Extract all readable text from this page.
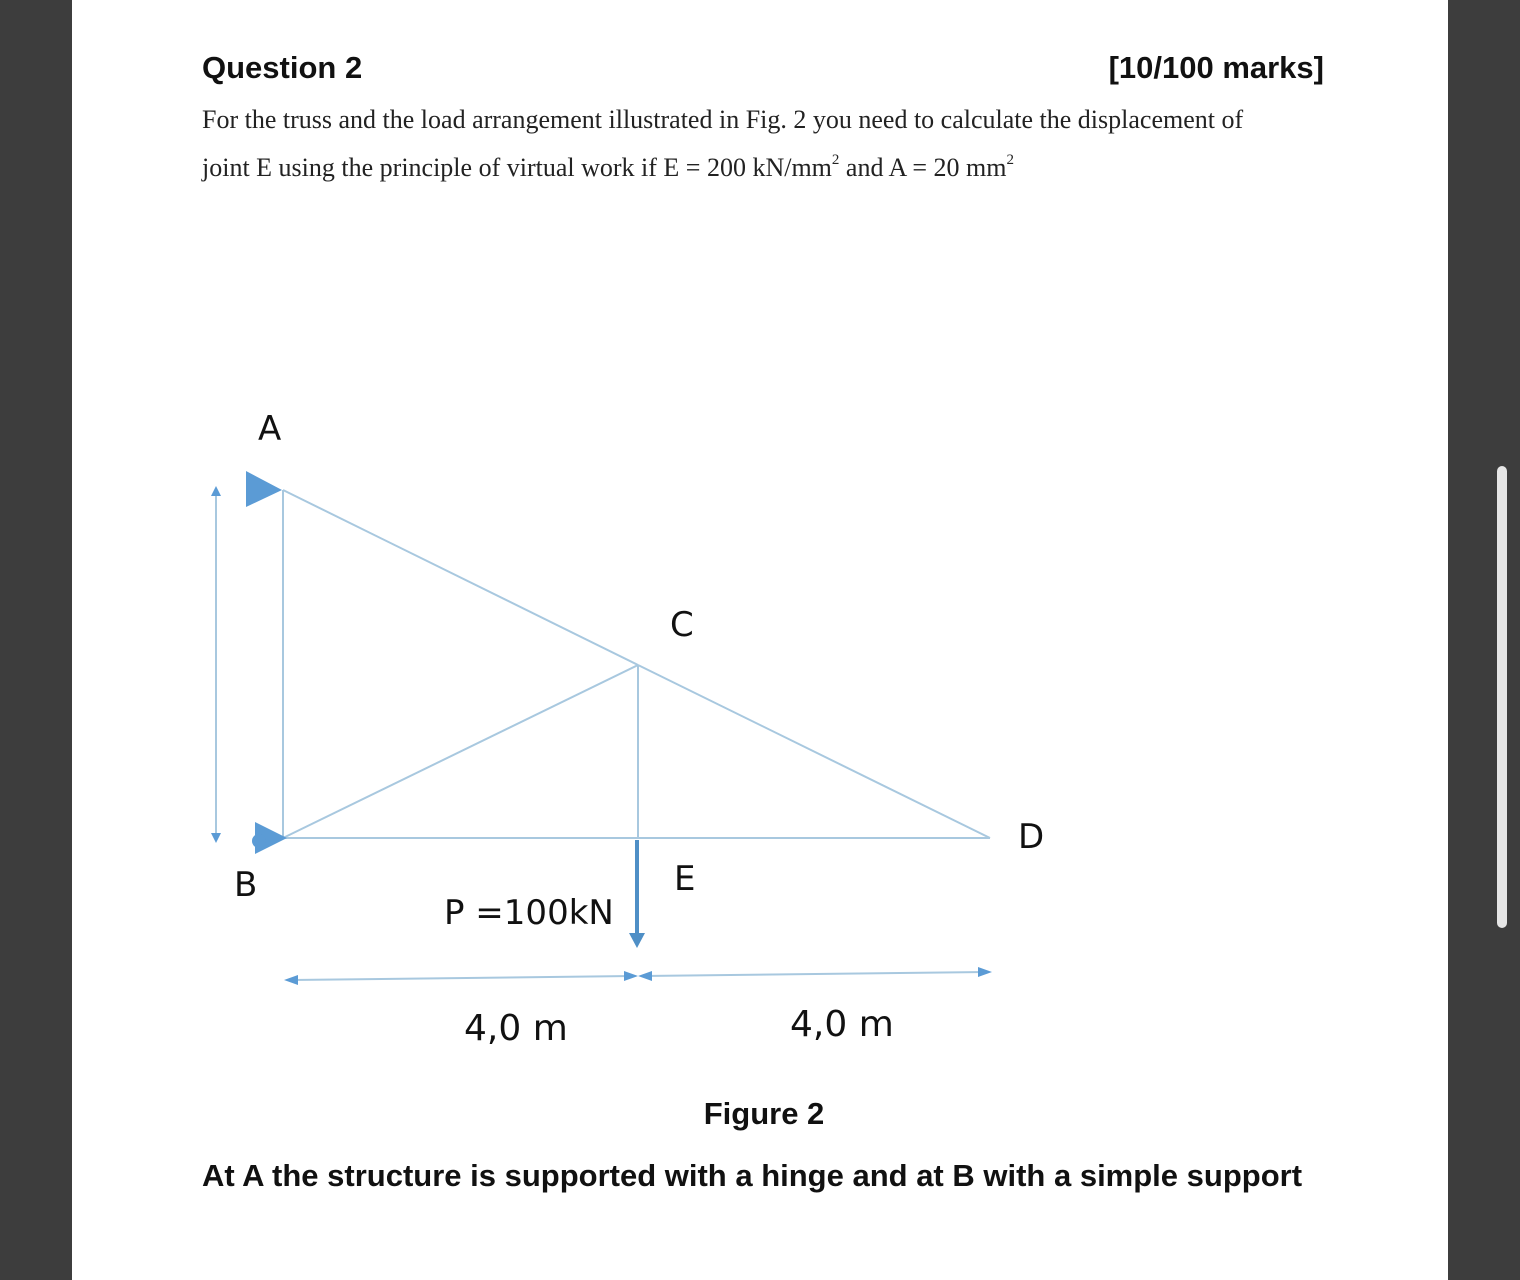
Question 2	[10/100 marks]
For the truss and the load arrangement illustrated in Fig. 2 you need to calculate the displacement of
joint E using the principle of virtual work if E = 200 $kN/mm^2$ and A = 20 $mm^2$
A
B
C
D
E
P =100kN
4,0 m	4,0 m
Figure 2
At A the structure is supported with a hinge and at B with a simple support
